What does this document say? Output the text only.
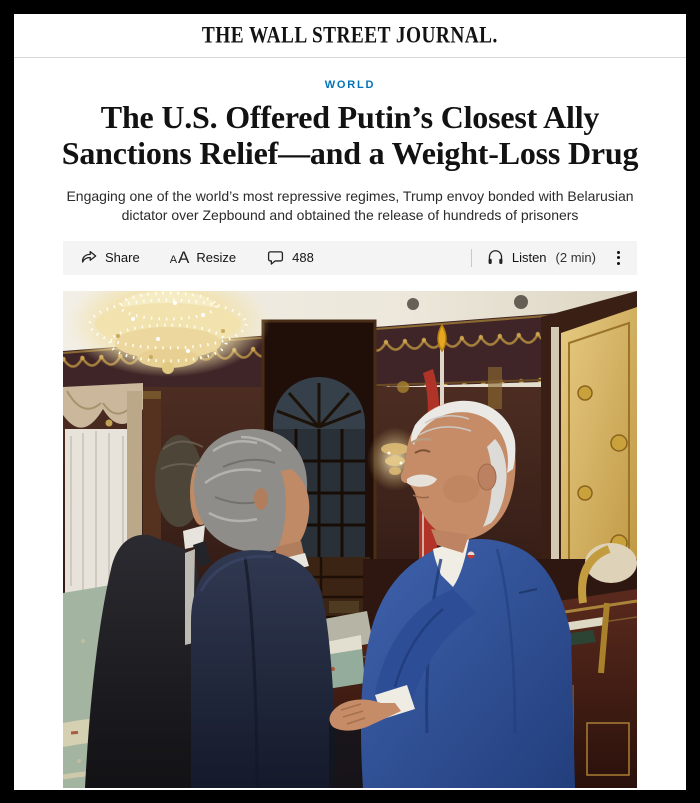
THE WALL STREET JOURNAL.
WORLD
The U.S. Offered Putin’s Closest Ally Sanctions Relief—and a Weight-Loss Drug

Engaging one of the world’s most repressive regimes, Trump envoy bonded with Belarusian dictator over Zepbound and obtained the release of hundreds of prisoners

Share	A A Resize	488	Listen (2 min)
